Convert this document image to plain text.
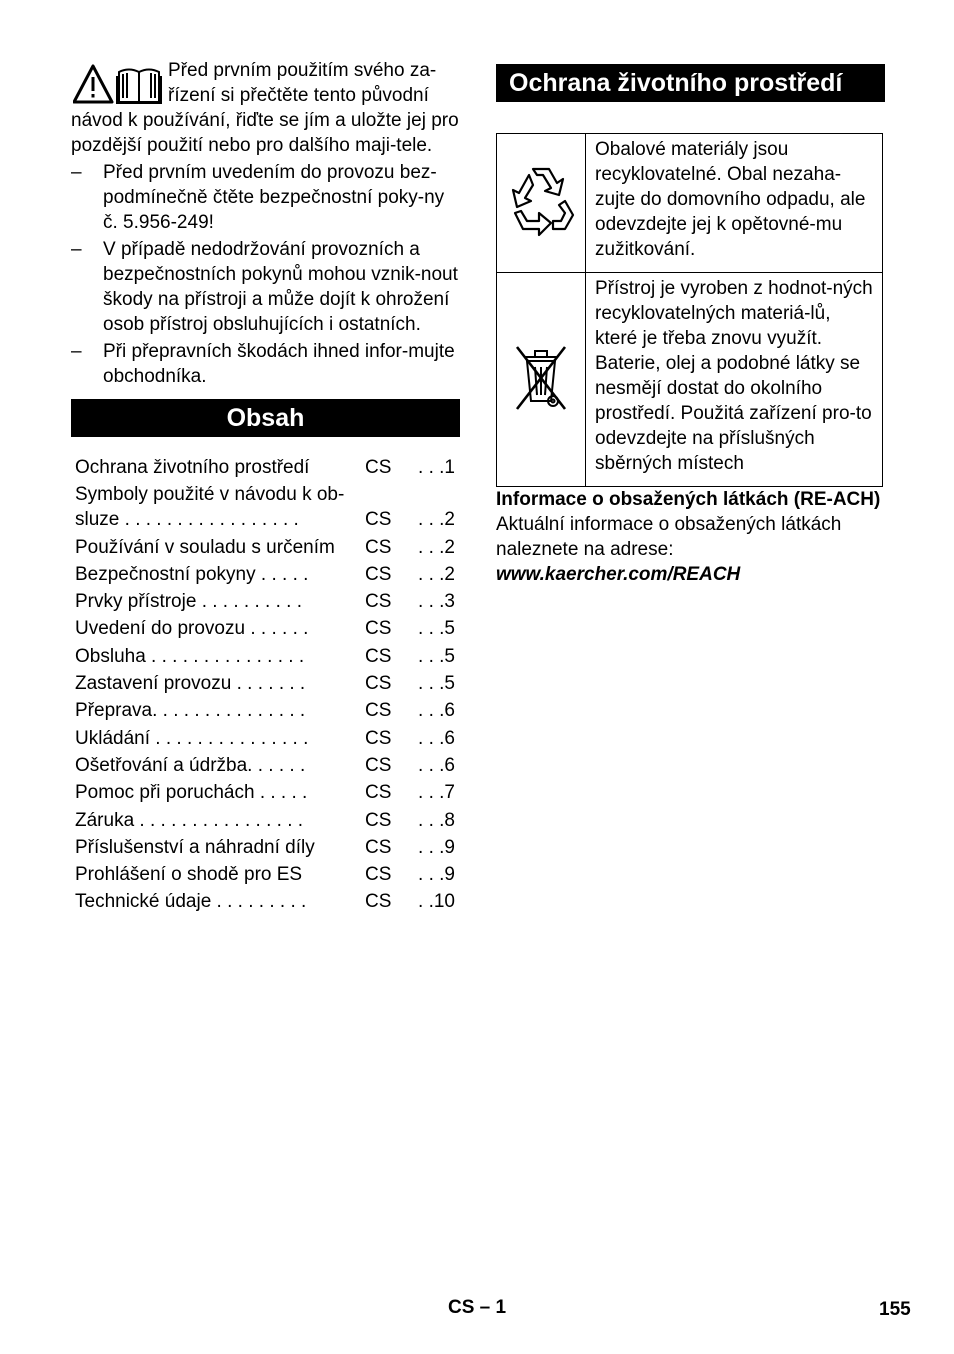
Před prvním použitím svého za-
řízení si přečtěte tento původní
návod k používání, řiďte se jím a uložte jej pro pozdější použití nebo pro dalšího maji-tele.
– Před prvním uvedením do provozu bez-podmínečně čtěte bezpečnostní poky-ny č. 5.956-249!
– V případě nedodržování provozních a bezpečnostních pokynů mohou vznik-nout škody na přístroji a může dojít k ohrožení osob přístroj obsluhujících i ostatních.
– Při přepravních škodách ihned infor-mujte obchodníka.
Obsah
Ochrana životního prostředí	CS	. . .1
Symboly použité v návodu k ob-sluze . . . . . . . . . . . . . . . . .	CS	. . .2
Používání v souladu s určením	CS	. . .2
Bezpečnostní pokyny . . . . .	CS	. . .2
Prvky přístroje . . . . . . . . . .	CS	. . .3
Uvedení do provozu . . . . . .	CS	. . .5
Obsluha . . . . . . . . . . . . . . .	CS	. . .5
Zastavení provozu . . . . . . .	CS	. . .5
Přeprava. . . . . . . . . . . . . . .	CS	. . .6
Ukládání . . . . . . . . . . . . . . .	CS	. . .6
Ošetřování a údržba. . . . . .	CS	. . .6
Pomoc při poruchách . . . . .	CS	. . .7
Záruka . . . . . . . . . . . . . . . .	CS	. . .8
Příslušenství a náhradní díly	CS	. . .9
Prohlášení o shodě pro ES	CS	. . .9
Technické údaje . . . . . . . . .	CS	. .10
Ochrana životního prostředí
	Obalové materiály jsou recyklovatelné. Obal nezaha-zujte do domovního odpadu, ale odevzdejte jej k opětovné-mu zužitkování.
	Přístroj je vyroben z hodnot-ných recyklovatelných materiá-lů, které je třeba znovu využít. Baterie, olej a podobné látky se nesmějí dostat do okolního prostředí. Použitá zařízení pro-to odevzdejte na příslušných sběrných místech
Informace o obsažených látkách (RE-ACH)
Aktuální informace o obsažených látkách naleznete na adrese:
www.kaercher.com/REACH
CS – 1	155
